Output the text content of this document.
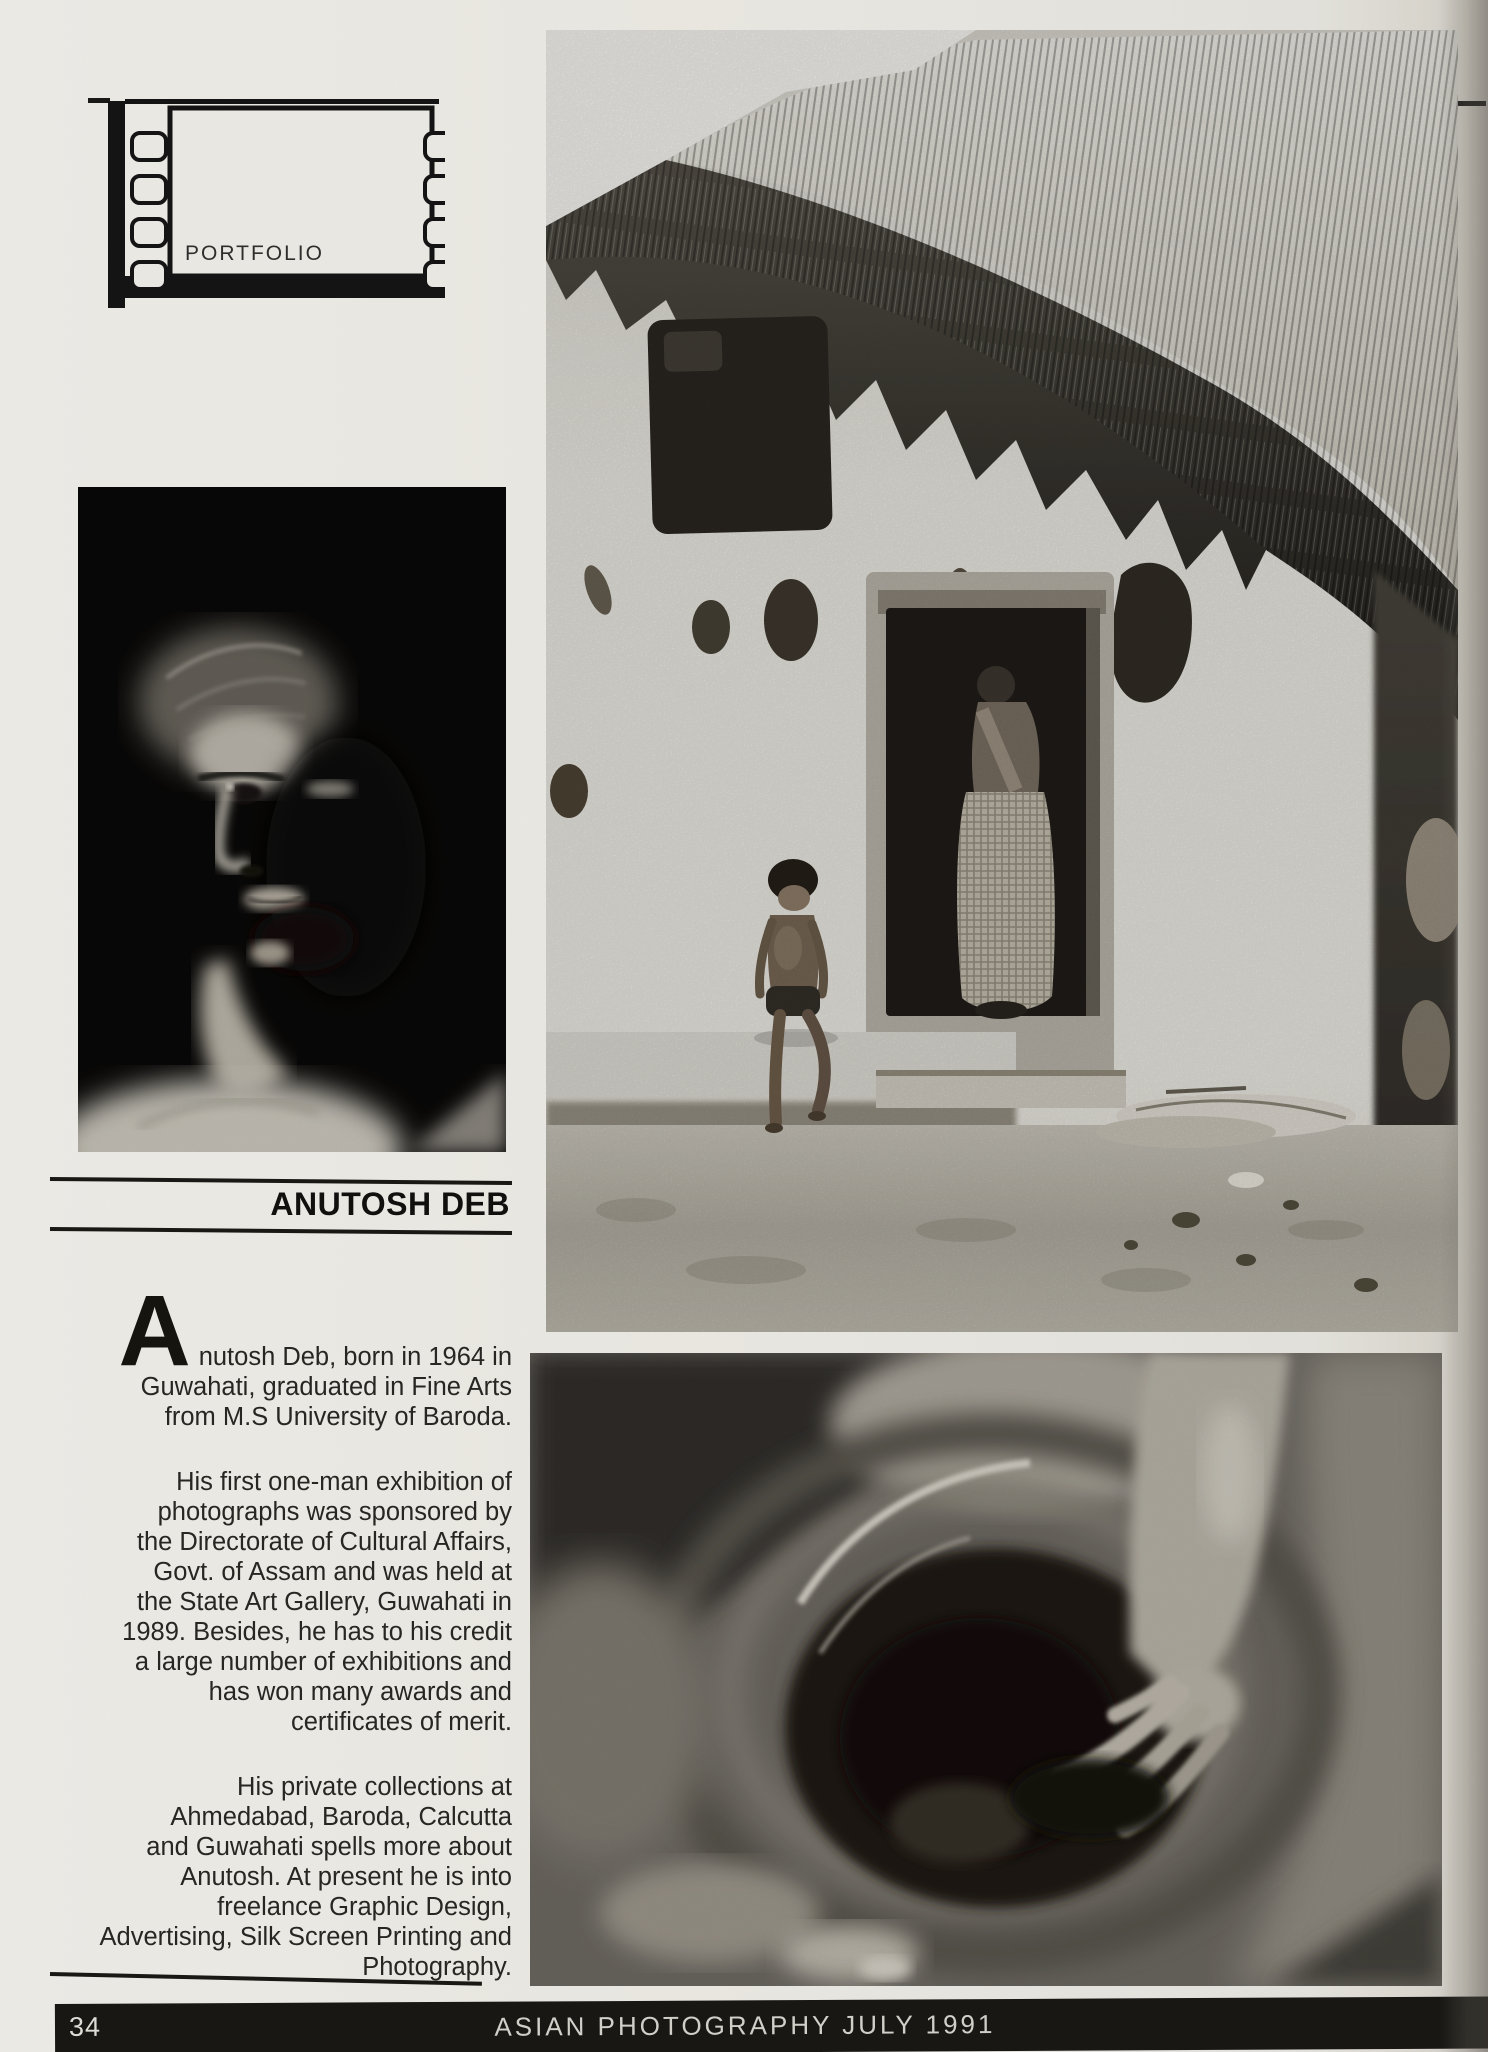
PORTFOLIO
ANUTOSH DEB

Anutosh Deb, born in 1964 in
Guwahati, graduated in Fine Arts
from M.S University of Baroda.

His first one-man exhibition of
photographs was sponsored by
the Directorate of Cultural Affairs,
Govt. of Assam and was held at
the State Art Gallery, Guwahati in
1989. Besides, he has to his credit
a large number of exhibitions and
has won many awards and
certificates of merit.

His private collections at
Ahmedabad, Baroda, Calcutta
and Guwahati spells more about
Anutosh. At present he is into
freelance Graphic Design,
Advertising, Silk Screen Printing and
Photography.

34	ASIAN PHOTOGRAPHY JULY 1991
